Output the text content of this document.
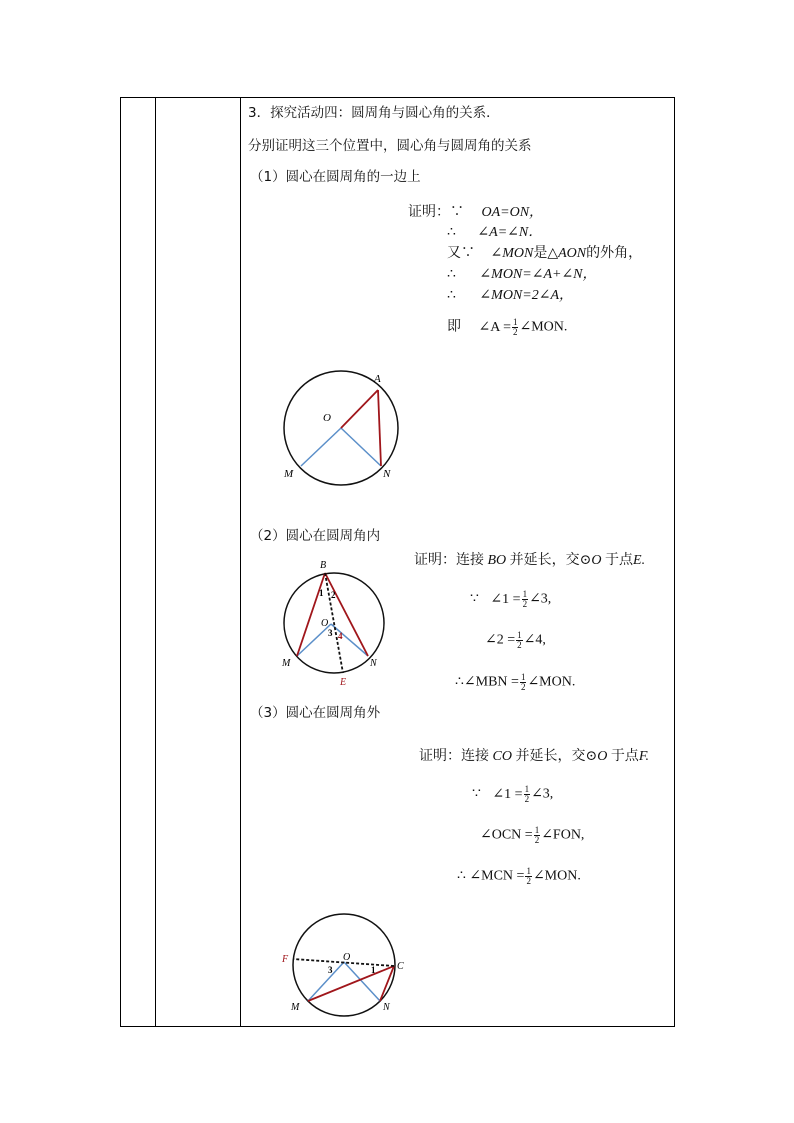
3．探究活动四：圆周角与圆心角的关系．
分别证明这三个位置中，圆心角与圆周角的关系
（1）圆心在圆周角的一边上
证明：∵ OA=ON，
∴ ∠A=∠N．
又∵ ∠MON是△AON的外角，
∴ ∠MON=∠A+∠N，
∴ ∠MON=2∠A，
即 ∠A = $\frac{1}{2}$ ∠MON.
A
O
M	N
（2）圆心在圆周角内
证明：连接 BO 并延长，交⊙O 于点E.
∵ ∠1 = $\frac{1}{2}$ ∠3,
∠2 = $\frac{1}{2}$ ∠4,
∴∠MBN = $\frac{1}{2}$ ∠MON.
B
O
M	N
E
1 2
3 4
（3）圆心在圆周角外
证明：连接 CO 并延长，交⊙O 于点F.
∵ ∠1 = $\frac{1}{2}$ ∠3,
∠OCN = $\frac{1}{2}$ ∠FON,
∴ ∠MCN = $\frac{1}{2}$ ∠MON.
F	O
C
M	N
1
3
